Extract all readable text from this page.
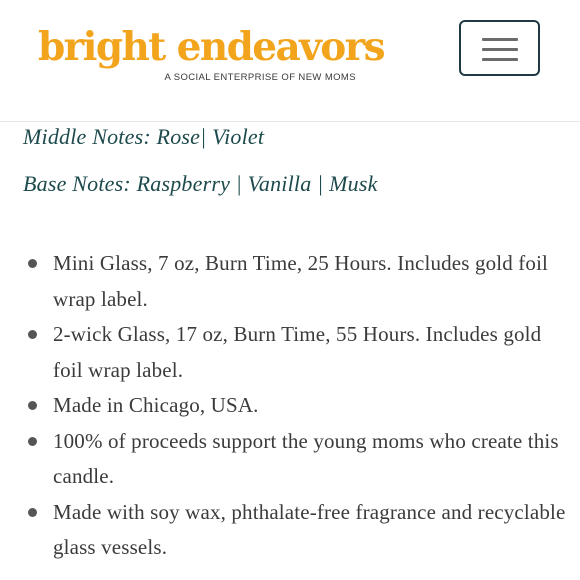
bright endeavors
A SOCIAL ENTERPRISE OF NEW MOMS
Middle Notes: Rose| Violet
Base Notes: Raspberry | Vanilla | Musk
Mini Glass, 7 oz, Burn Time, 25 Hours. Includes gold foil wrap label.
2-wick Glass, 17 oz, Burn Time, 55 Hours. Includes gold foil wrap label.
Made in Chicago, USA.
100% of proceeds support the young moms who create this candle.
Made with soy wax, phthalate-free fragrance and recyclable glass vessels.
